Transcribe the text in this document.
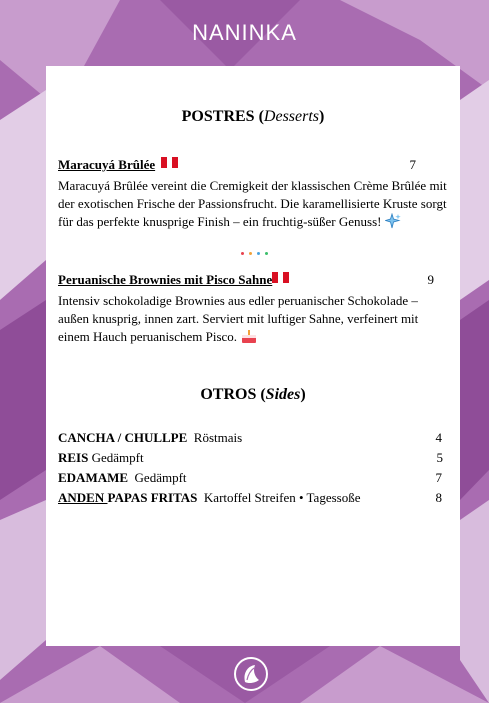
NANINKA
POSTRES (Desserts)
Maracuyá Brûlée	7
Maracuyá Brûlée vereint die Cremigkeit der klassischen Crème Brûlée mit der exotischen Frische der Passionsfrucht. Die karamellisierte Kruste sorgt für das perfekte knusprige Finish – ein fruchtig-süßer Genuss!
Peruanische Brownies mit Pisco Sahne	9
Intensiv schokoladige Brownies aus edler peruanischer Schokolade – außen knusprig, innen zart. Serviert mit luftiger Sahne, verfeinert mit einem Hauch peruanischem Pisco.
OTROS (Sides)
CANCHA / CHULLPE Röstmais	4
REIS Gedämpft	5
EDAMAME Gedämpft	7
ANDEN PAPAS FRITAS Kartoffel Streifen • Tagessoße	8
